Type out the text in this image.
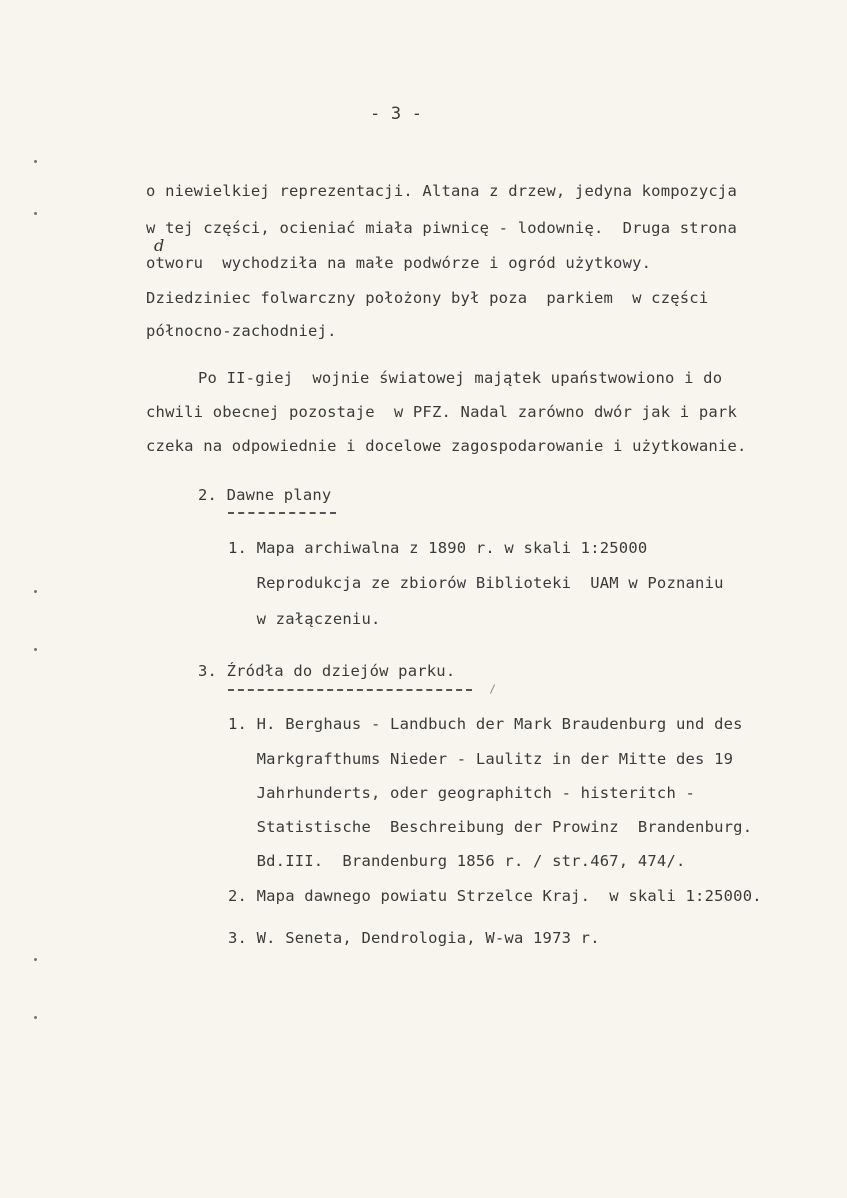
- 3 -
o niewielkiej reprezentacji. Altana z drzew, jedyna kompozycja
w tej części, ocieniać miała piwnicę - lodownię.  Druga strona
otworu  wychodziła na małe podwórze i ogród użytkowy.
d
Dziedziniec folwarczny położony był poza  parkiem  w części
północno-zachodniej.
Po II-giej  wojnie światowej majątek upaństwowiono i do
chwili obecnej pozostaje  w PFZ. Nadal zarówno dwór jak i park
czeka na odpowiednie i docelowe zagospodarowanie i użytkowanie.
2. Dawne plany
1. Mapa archiwalna z 1890 r. w skali 1:25000
Reprodukcja ze zbiorów Biblioteki  UAM w Poznaniu
w załączeniu.
3. Źródła do dziejów parku.
1. H. Berghaus - Landbuch der Mark Braudenburg und des
Markgrafthums Nieder - Laulitz in der Mitte des 19
Jahrhunderts, oder geographitch - histeritch -
Statistische  Beschreibung der Prowinz  Brandenburg.
Bd.III.  Brandenburg 1856 r. / str.467, 474/.
2. Mapa dawnego powiatu Strzelce Kraj.  w skali 1:25000.
3. W. Seneta, Dendrologia, W-wa 1973 r.
